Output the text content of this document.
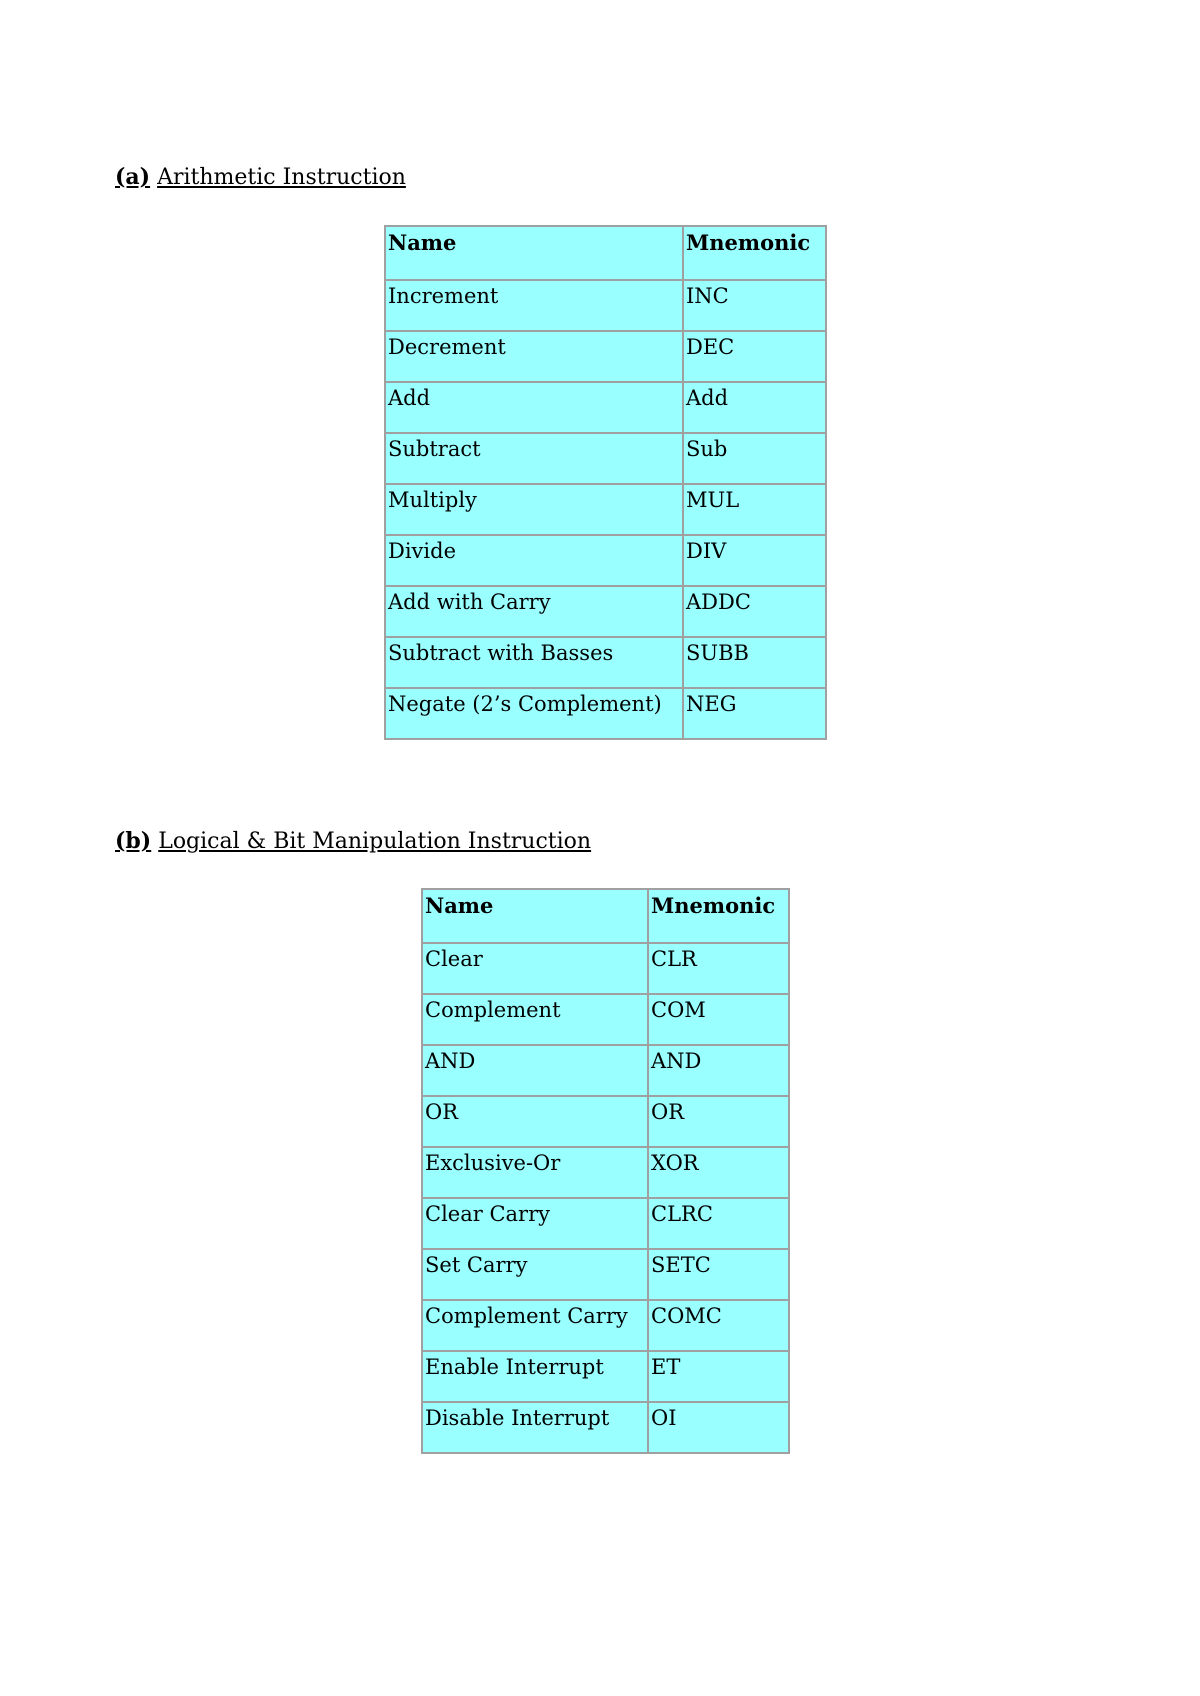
(a) Arithmetic Instruction
Name	Mnemonic

Increment	INC

Decrement	DEC

Add	Add

Subtract	Sub

Multiply	MUL

Divide	DIV

Add with Carry	ADDC

Subtract with Basses	SUBB

Negate (2’s Complement)	NEG
(b) Logical & Bit Manipulation Instruction
Name	Mnemonic

Clear	CLR

Complement	COM

AND	AND

OR	OR

Exclusive-Or	XOR

Clear Carry	CLRC

Set Carry	SETC

Complement Carry	COMC

Enable Interrupt	ET

Disable Interrupt	OI
